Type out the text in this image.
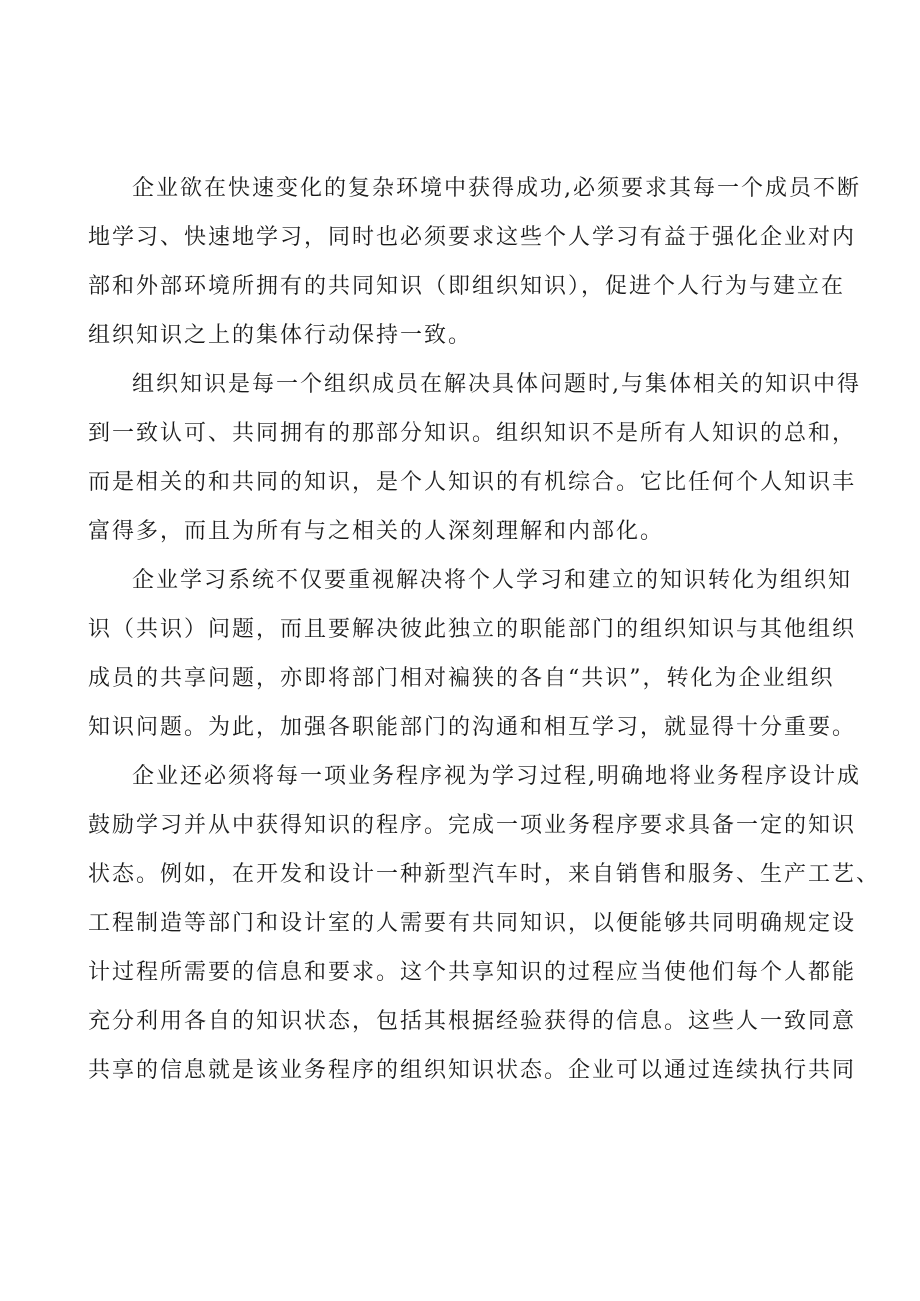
企业欲在快速变化的复杂环境中获得成功,必须要求其每一个成员不断
地学习、快速地学习，同时也必须要求这些个人学习有益于强化企业对内
部和外部环境所拥有的共同知识（即组织知识），促进个人行为与建立在
组织知识之上的集体行动保持一致。
组织知识是每一个组织成员在解决具体问题时,与集体相关的知识中得
到一致认可、共同拥有的那部分知识。组织知识不是所有人知识的总和，
而是相关的和共同的知识，是个人知识的有机综合。它比任何个人知识丰
富得多，而且为所有与之相关的人深刻理解和内部化。
企业学习系统不仅要重视解决将个人学习和建立的知识转化为组织知
识（共识）问题，而且要解决彼此独立的职能部门的组织知识与其他组织
成员的共享问题，亦即将部门相对褊狭的各自“共识”，转化为企业组织
知识问题。为此，加强各职能部门的沟通和相互学习，就显得十分重要。
企业还必须将每一项业务程序视为学习过程,明确地将业务程序设计成
鼓励学习并从中获得知识的程序。完成一项业务程序要求具备一定的知识
状态。例如，在开发和设计一种新型汽车时，来自销售和服务、生产工艺、
工程制造等部门和设计室的人需要有共同知识，以便能够共同明确规定设
计过程所需要的信息和要求。这个共享知识的过程应当使他们每个人都能
充分利用各自的知识状态，包括其根据经验获得的信息。这些人一致同意
共享的信息就是该业务程序的组织知识状态。企业可以通过连续执行共同
